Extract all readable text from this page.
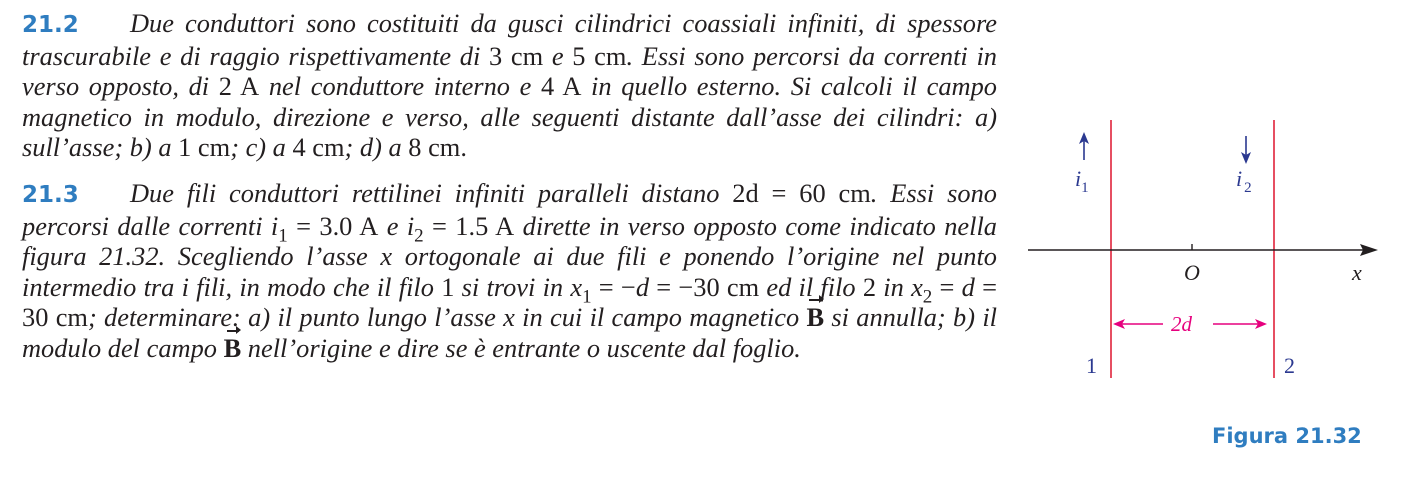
21.2 Due conduttori sono costituiti da gusci cilindrici coassiali infiniti, di spessore trascurabile e di raggio rispettivamente di 3 cm e 5 cm. Essi sono percorsi da correnti in verso opposto, di 2 A nel conduttore interno e 4 A in quello esterno. Si calcoli il campo magnetico in modulo, direzione e verso, alle seguenti distante dall’asse dei cilindri: a) sull’asse; b) a 1 cm; c) a 4 cm; d) a 8 cm.

21.3 Due fili conduttori rettilinei infiniti paralleli distano 2d = 60 cm. Essi sono percorsi dalle correnti $i_1 = 3.0$ A e $i_2 = 1.5$ A dirette in verso opposto come indicato nella figura 21.32. Scegliendo l’asse x ortogonale ai due fili e ponendo l’origine nel punto intermedio tra i fili, in modo che il filo 1 si trovi in $x_1 = -d = -30$ cm ed il filo 2 in $x_2 = d = 30$ cm; determinare: a) il punto lungo l’asse x in cui il campo magnetico B si annulla; b) il modulo del campo B nell’origine e dire se è entrante o uscente dal foglio.

O	x
$i_1$	i $_2$
2d
1	2
Figura 21.32
